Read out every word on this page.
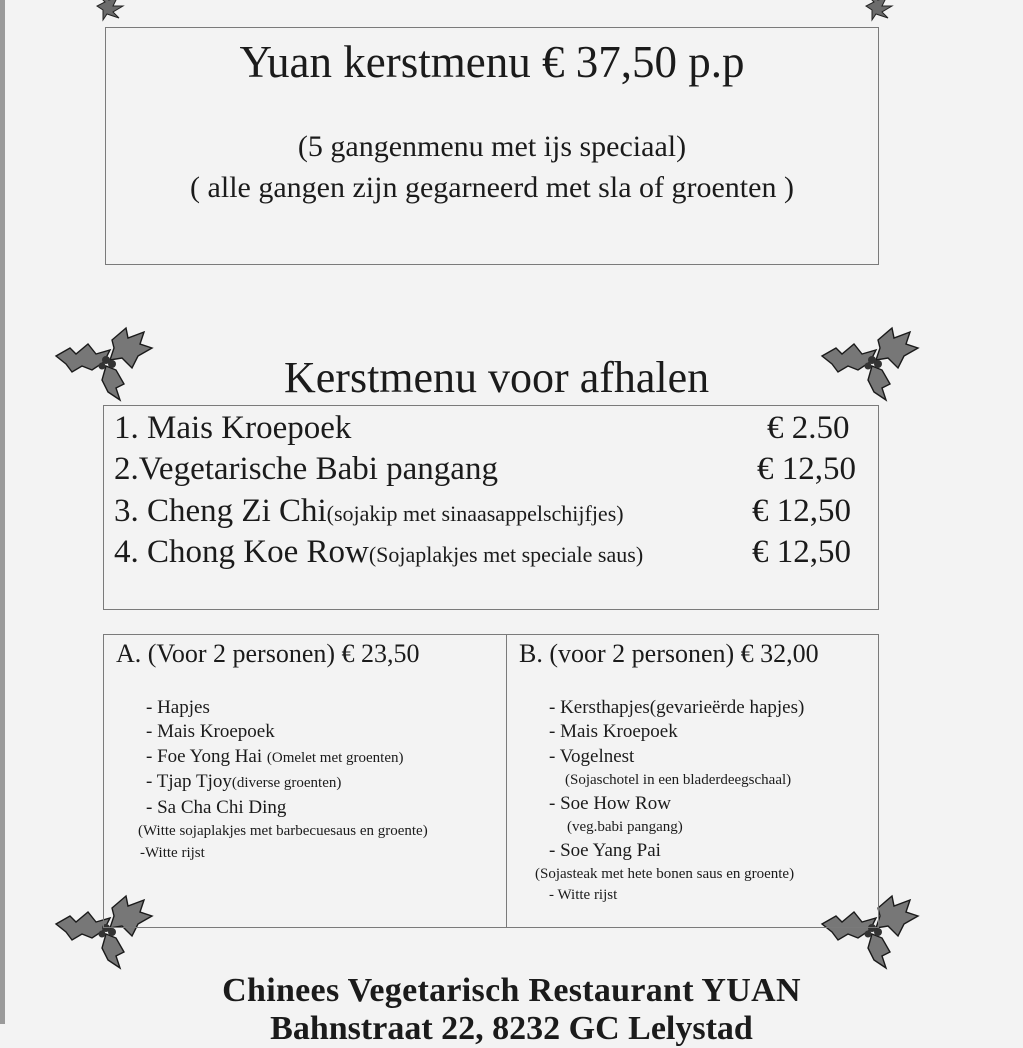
Yuan kerstmenu € 37,50 p.p
(5 gangenmenu met ijs speciaal)
( alle gangen zijn gegarneerd met sla of groenten )
Kerstmenu voor afhalen
1. Mais Kroepoek	€ 2.50
2.Vegetarische Babi pangang	€ 12,50
3. Cheng Zi Chi(sojakip met sinaasappelschijfjes)	€ 12,50
4. Chong Koe Row(Sojaplakjes met speciale saus)	€ 12,50
A. (Voor 2 personen) € 23,50
- Hapjes
- Mais Kroepoek
- Foe Yong Hai (Omelet met groenten)
- Tjap Tjoy(diverse groenten)
- Sa Cha Chi Ding
(Witte sojaplakjes met barbecuesaus en groente)
-Witte rijst
B. (voor 2 personen) € 32,00
- Kersthapjes(gevarieërde hapjes)
- Mais Kroepoek
- Vogelnest
(Sojaschotel in een bladerdeegschaal)
- Soe How Row
(veg.babi pangang)
- Soe Yang Pai
(Sojasteak met hete bonen saus en groente)
- Witte rijst
Chinees Vegetarisch Restaurant YUAN
Bahnstraat 22, 8232 GC Lelystad
